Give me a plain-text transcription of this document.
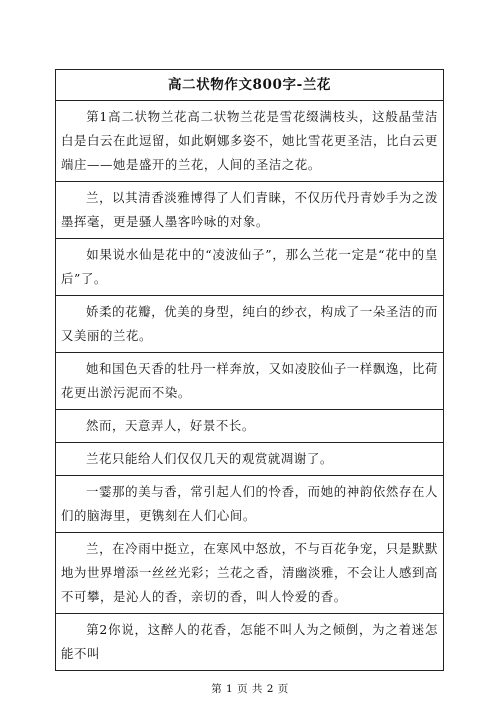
高二状物作文800字-兰花
第1高二状物兰花高二状物兰花是雪花缀满枝头，这般晶莹洁白是白云在此逗留，如此婀娜多姿不，她比雪花更圣洁，比白云更端庄——她是盛开的兰花，人间的圣洁之花。
兰，以其清香淡雅博得了人们青睐，不仅历代丹青妙手为之泼墨挥毫，更是骚人墨客吟咏的对象。
如果说水仙是花中的“凌波仙子”，那么兰花一定是“花中的皇后”了。
娇柔的花瓣，优美的身型，纯白的纱衣，构成了一朵圣洁的而又美丽的兰花。
她和国色天香的牡丹一样奔放，又如凌胶仙子一样飘逸，比荷花更出淤污泥而不染。
然而，天意弄人，好景不长。
兰花只能给人们仅仅几天的观赏就凋谢了。
一霎那的美与香，常引起人们的怜香，而她的神韵依然存在人们的脑海里，更镌刻在人们心间。
兰，在冷雨中挺立，在寒风中怒放，不与百花争宠，只是默默地为世界增添一丝丝光彩；兰花之香，清幽淡雅，不会让人感到高不可攀，是沁人的香，亲切的香，叫人怜爱的香。
第2你说，这醉人的花香，怎能不叫人为之倾倒，为之着迷怎能不叫
第 1 页 共 2 页
